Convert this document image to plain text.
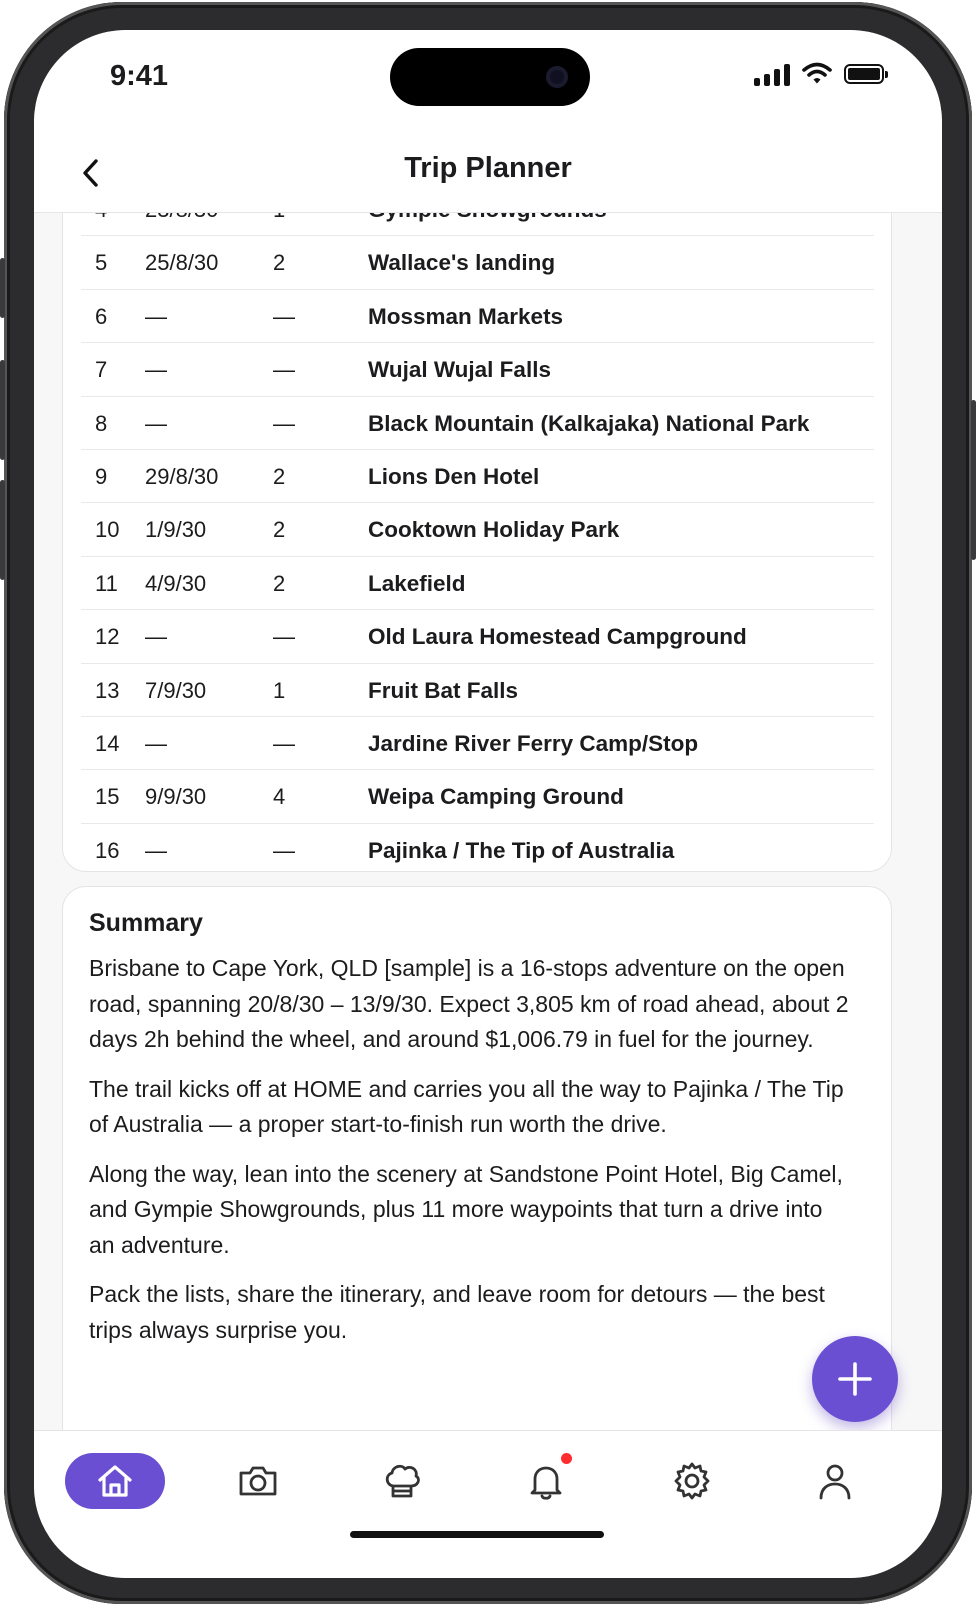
5 25/8/30 2	Wallace's landing
6 —	—	Mossman Markets
7 —	—	Wujal Wujal Falls
8 —	—	Black Mountain (Kalkajaka) National Park
9 29/8/30 2	Lions Den Hotel
10 1/9/30	2	Cooktown Holiday Park
11 4/9/30	2	Lakefield
12 —	—	Old Laura Homestead Campground
13 7/9/30	1	Fruit Bat Falls
14 —	—	Jardine River Ferry Camp/Stop
15 9/9/30	4	Weipa Camping Ground
16 —	—	Pajinka / The Tip of Australia
Summary

Brisbane to Cape York, QLD [sample] is a 16-stops adventure on the open road, spanning 20/8/30 – 13/9/30. Expect 3,805 km of road ahead, about 2 days 2h behind the wheel, and around $1,006.79 in fuel for the journey.

The trail kicks off at HOME and carries you all the way to Pajinka / The Tip of Australia — a proper start-to-finish run worth the drive.

Along the way, lean into the scenery at Sandstone Point Hotel, Big Camel, and Gympie Showgrounds, plus 11 more waypoints that turn a drive into an adventure.

Pack the lists, share the itinerary, and leave room for detours — the best trips always surprise you.

9:41
Trip Planner
